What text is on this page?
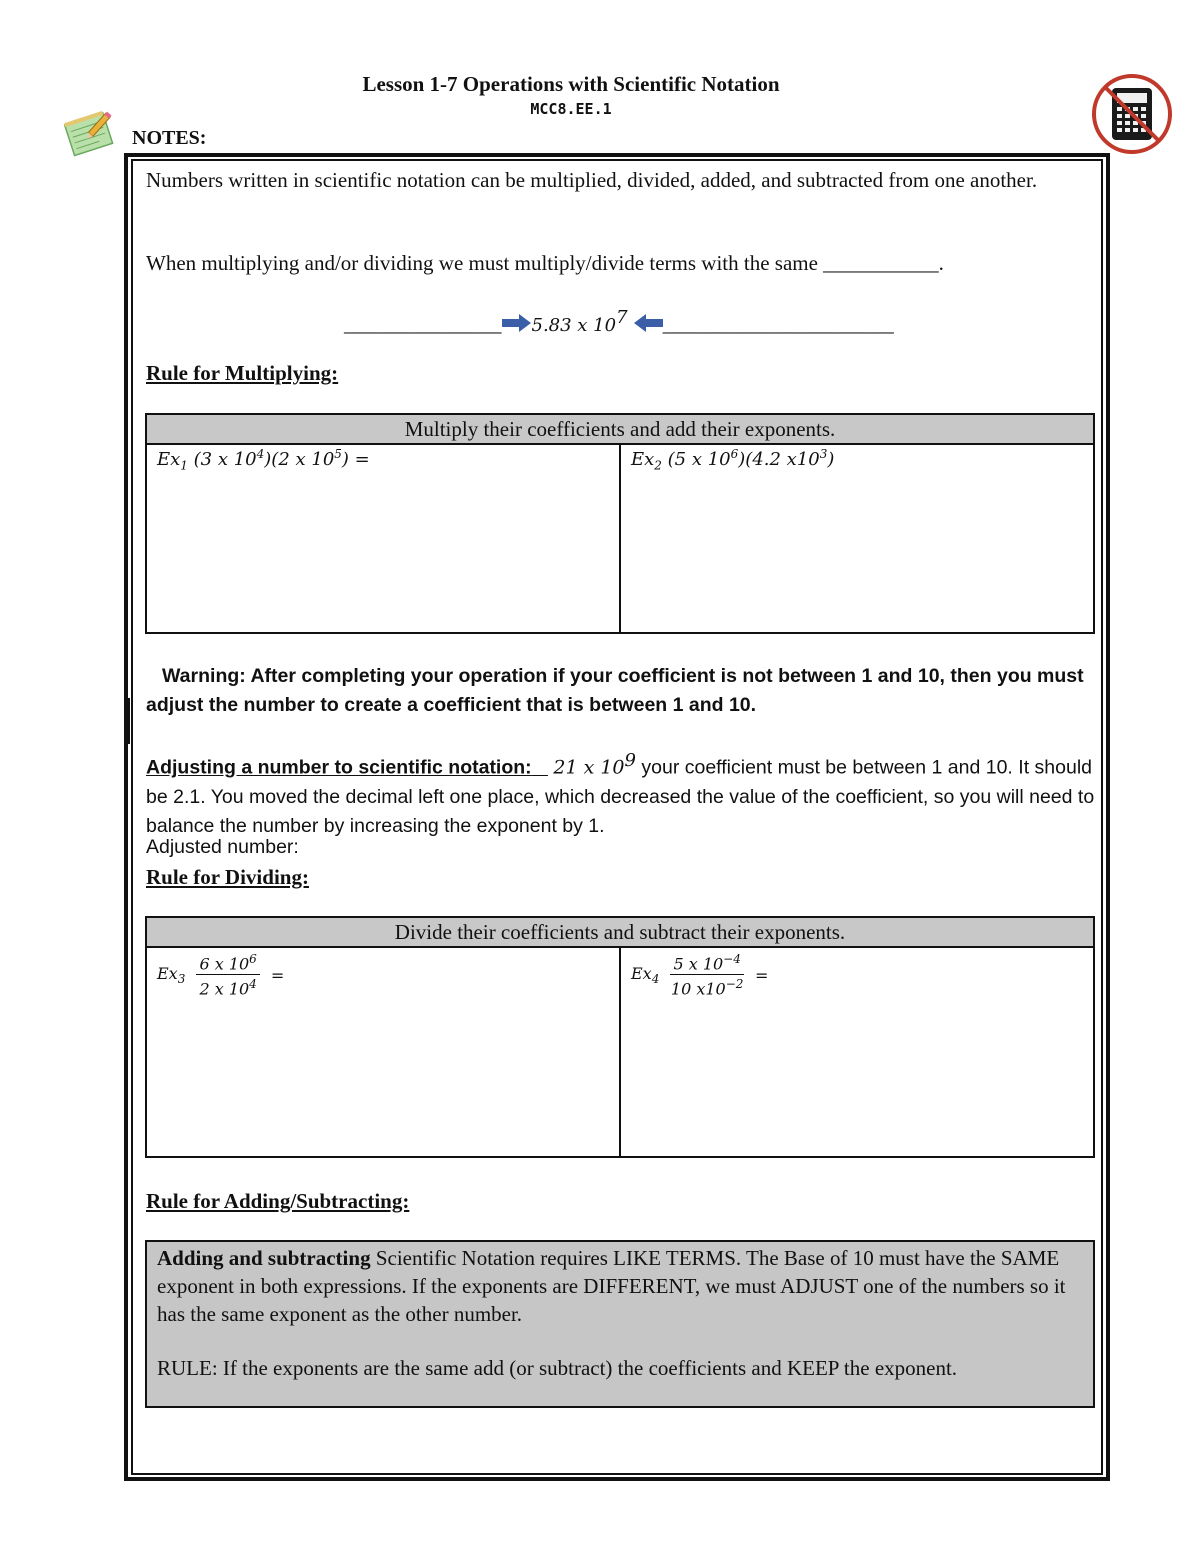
Lesson 1-7 Operations with Scientific Notation
MCC8.EE.1
NOTES:
Numbers written in scientific notation can be multiplied, divided, added, and subtracted from one another.
When multiplying and/or dividing we must multiply/divide terms with the same ___________.
_______________ 5.83 𝑥 $10^7$ ______________________
Rule for Multiplying:
Multiply their coefficients and add their exponents.
𝐸𝑥$_1$ (3 𝑥 $10^4)(2$ 𝑥 $10^5$) =	𝐸𝑥$_2$ (5 𝑥 $10^6)(4.2$ $𝑥10^3$)
Warning: After completing your operation if your coefficient is not between 1 and 10, then you must adjust the number to create a coefficient that is between 1 and 10.
Adjusting a number to scientific notation: 21 𝑥 $10^9$ your coefficient must be between 1 and 10. It should be 2.1. You moved the decimal left one place, which decreased the value of the coefficient, so you will need to balance the number by increasing the exponent by 1.
Adjusted number:
Rule for Dividing:
Divide their coefficients and subtract their exponents.
𝐸𝑥$_3$ $\frac{6 𝑥 10^6}{2 𝑥 10^4}$ =	𝐸𝑥$_4$ $\frac{5 𝑥 10^{-4}}{10 𝑥10^{-2}}$ =
Rule for Adding/Subtracting:
Adding and subtracting Scientific Notation requires LIKE TERMS. The Base of 10 must have the SAME exponent in both expressions. If the exponents are DIFFERENT, we must ADJUST one of the numbers so it has the same exponent as the other number.
RULE: If the exponents are the same add (or subtract) the coefficients and KEEP the exponent.
